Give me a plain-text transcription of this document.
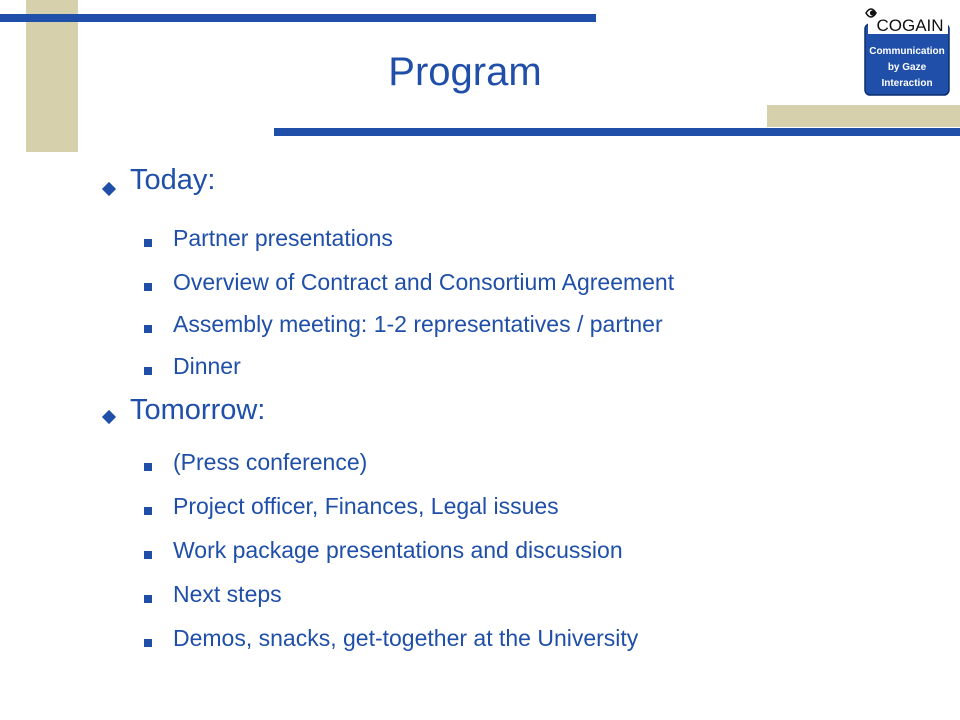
Program
COGAIN
Communication
by Gaze
Interaction
Today:
Partner presentations
Overview of Contract and Consortium Agreement
Assembly meeting: 1-2 representatives / partner
Dinner
Tomorrow:
(Press conference)
Project officer, Finances, Legal issues
Work package presentations and discussion
Next steps
Demos, snacks, get-together at the University
